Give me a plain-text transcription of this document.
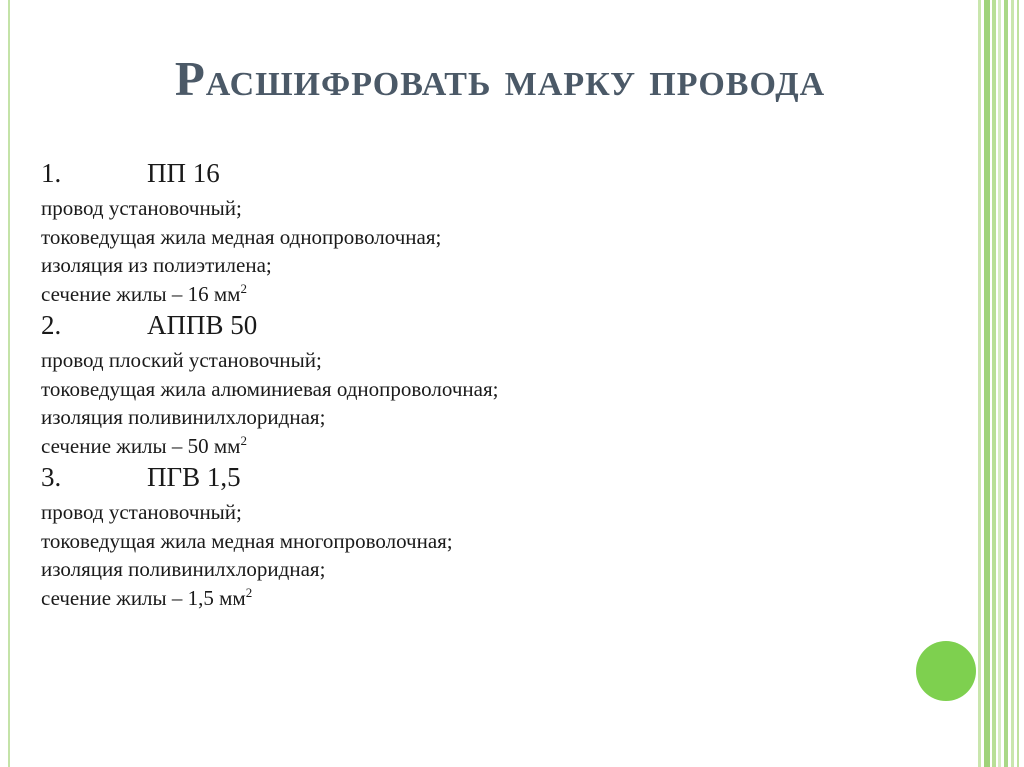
Расшифровать марку провода
1.	ПП 16
провод установочный;
токоведущая жила медная однопроволочная;
изоляция из полиэтилена;
сечение жилы – 16 $мм^2$
2.	АППВ 50
провод плоский установочный;
токоведущая жила алюминиевая однопроволочная;
изоляция поливинилхлоридная;
сечение жилы – 50 $мм^2$
3.	ПГВ 1,5
провод установочный;
токоведущая жила медная многопроволочная;
изоляция поливинилхлоридная;
сечение жилы – 1,5 $мм^2$
